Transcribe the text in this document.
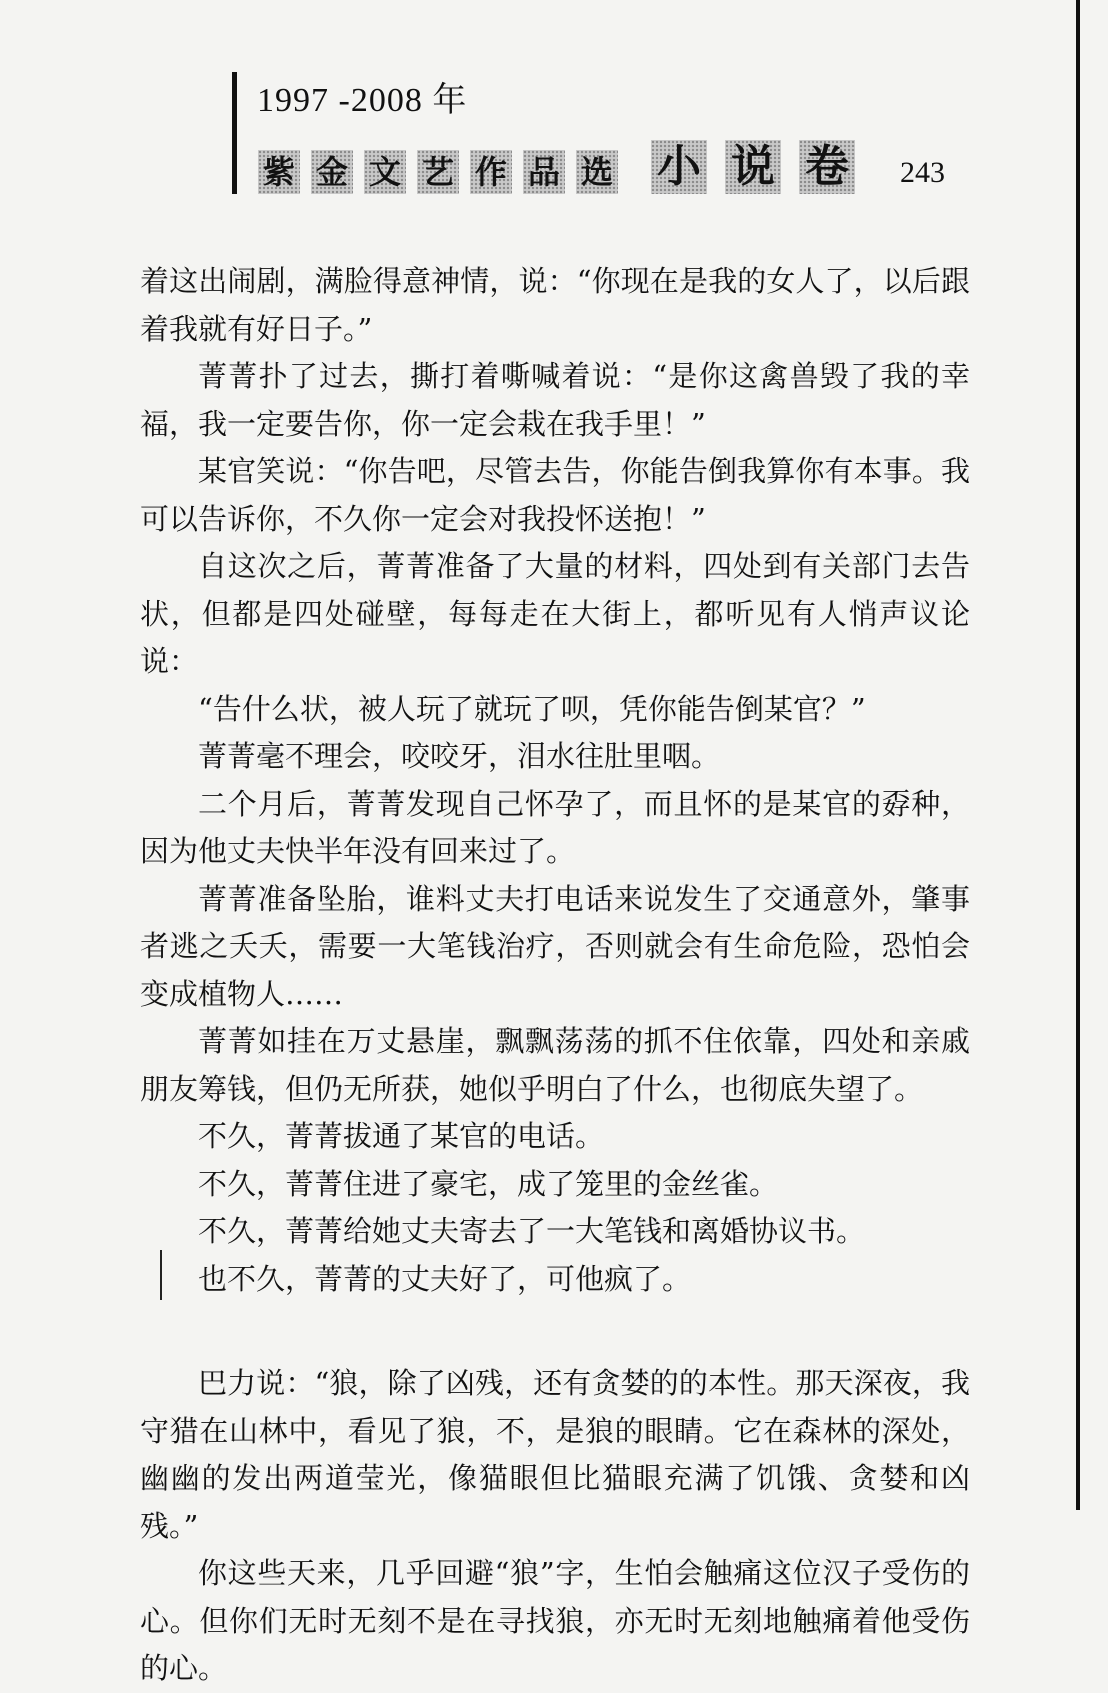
1997 -2008 年
紫 金 文 艺 作 品 选 小 说 卷 243

着这出闹剧，满脸得意神情，说：“你现在是我的女人了，以后跟着我就有好日子。”

菁菁扑了过去，撕打着嘶喊着说：“是你这禽兽毁了我的幸福，我一定要告你，你一定会栽在我手里！”

某官笑说：“你告吧，尽管去告，你能告倒我算你有本事。我可以告诉你，不久你一定会对我投怀送抱！”

自这次之后，菁菁准备了大量的材料，四处到有关部门去告状，但都是四处碰壁，每每走在大街上，都听见有人悄声议论说：

“告什么状，被人玩了就玩了呗，凭你能告倒某官？”

菁菁毫不理会，咬咬牙，泪水往肚里咽。

二个月后，菁菁发现自己怀孕了，而且怀的是某官的孬种，因为他丈夫快半年没有回来过了。

菁菁准备坠胎，谁料丈夫打电话来说发生了交通意外，肇事者逃之夭夭，需要一大笔钱治疗，否则就会有生命危险，恐怕会变成植物人……

菁菁如挂在万丈悬崖，飘飘荡荡的抓不住依靠，四处和亲戚朋友筹钱，但仍无所获，她似乎明白了什么，也彻底失望了。

不久，菁菁拔通了某官的电话。

不久，菁菁住进了豪宅，成了笼里的金丝雀。

不久，菁菁给她丈夫寄去了一大笔钱和离婚协议书。

也不久，菁菁的丈夫好了，可他疯了。

巴力说：“狼，除了凶残，还有贪婪的的本性。那天深夜，我守猎在山林中，看见了狼，不，是狼的眼睛。它在森林的深处，幽幽的发出两道莹光，像猫眼但比猫眼充满了饥饿、贪婪和凶残。”

你这些天来，几乎回避“狼”字，生怕会触痛这位汉子受伤的心。但你们无时无刻不是在寻找狼，亦无时无刻地触痛着他受伤的心。
